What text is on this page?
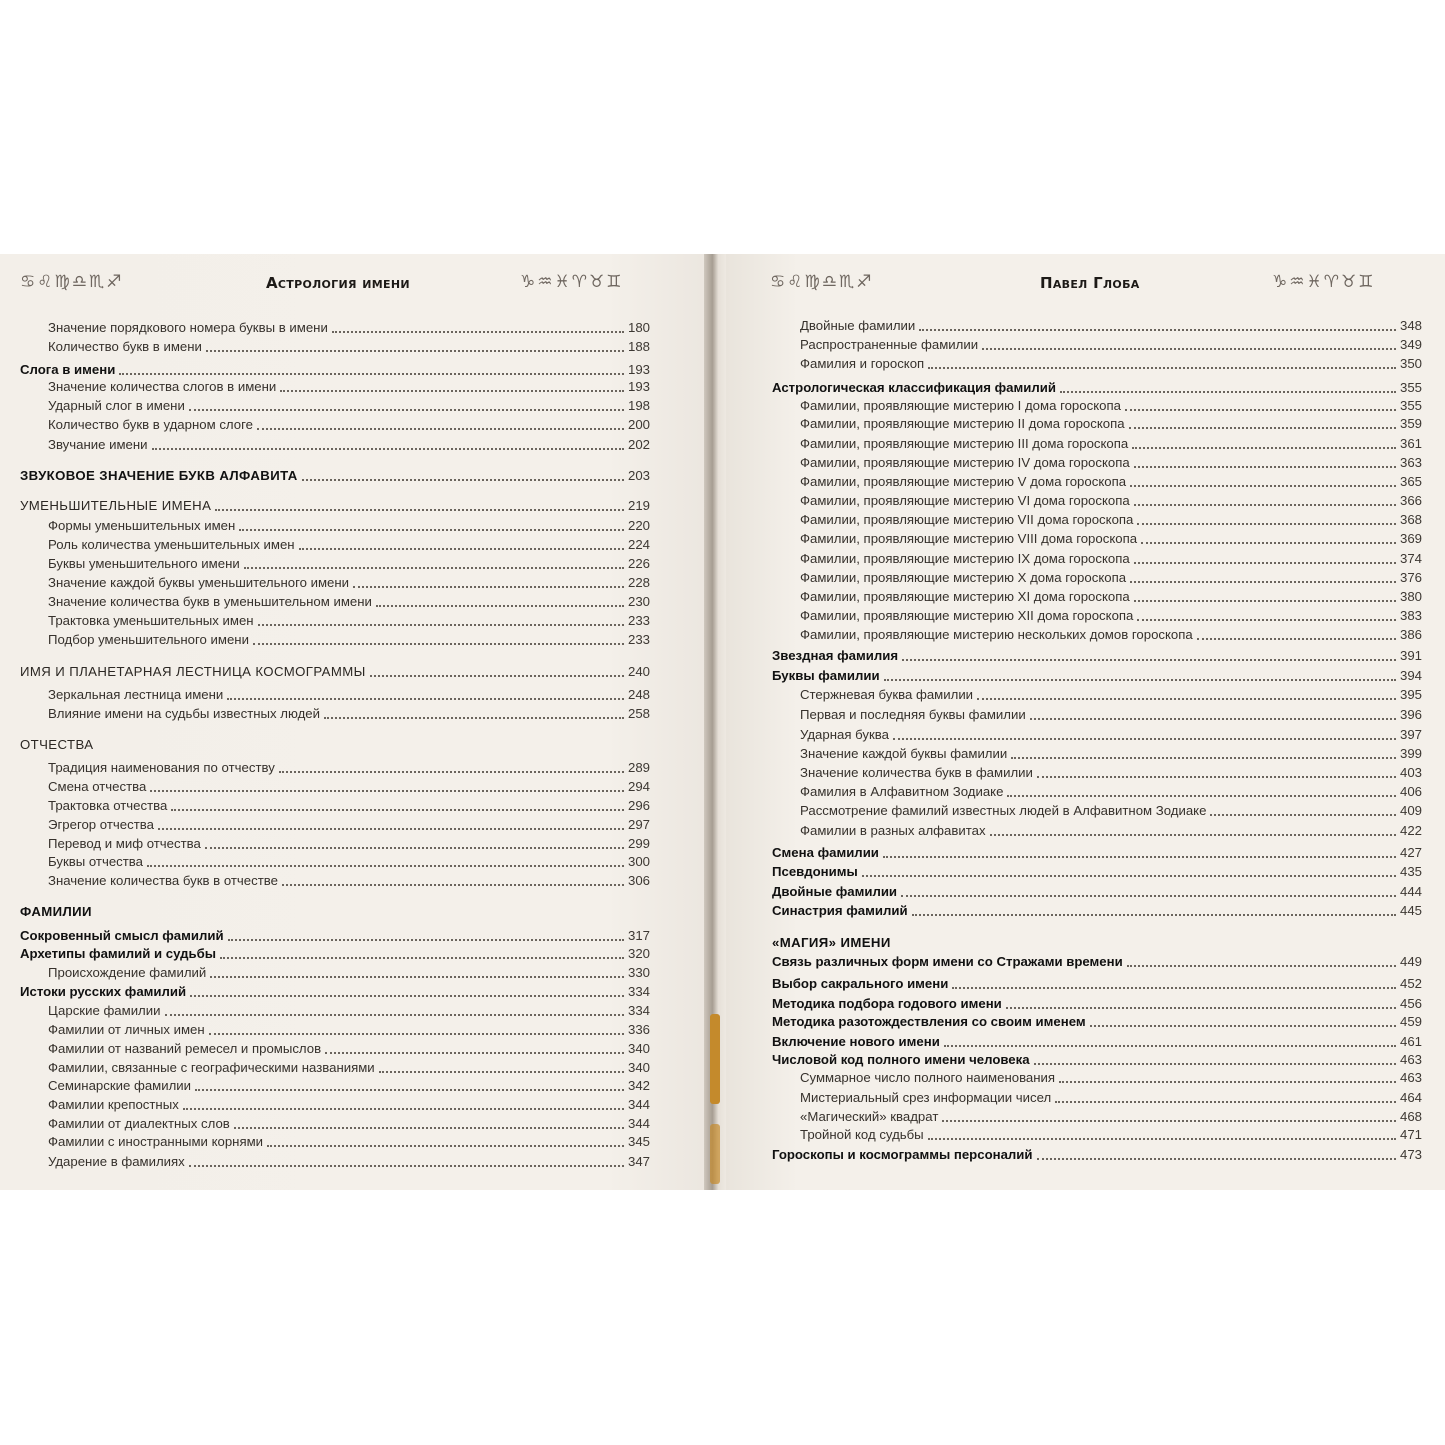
♋♌♍♎♏♐	Астрология имени	♑♒♓♈♉♊
Значение порядкового номера буквы в имени	180
Количество букв в имени	188
Слога в имени	193
Значение количества слогов в имени	193
Ударный слог в имени	198
Количество букв в ударном слоге	200
Звучание имени	202
ЗВУКОВОЕ ЗНАЧЕНИЕ БУКВ АЛФАВИТА	203
УМЕНЬШИТЕЛЬНЫЕ ИМЕНА	219
Формы уменьшительных имен	220
Роль количества уменьшительных имен	224
Буквы уменьшительного имени	226
Значение каждой буквы уменьшительного имени	228
Значение количества букв в уменьшительном имени	230
Трактовка уменьшительных имен	233
Подбор уменьшительного имени	233
ИМЯ И ПЛАНЕТАРНАЯ ЛЕСТНИЦА КОСМОГРАММЫ	240
Зеркальная лестница имени	248
Влияние имени на судьбы известных людей	258
ОТЧЕСТВА
Традиция наименования по отчеству	289
Смена отчества	294
Трактовка отчества	296
Эгрегор отчества	297
Перевод и миф отчества	299
Буквы отчества	300
Значение количества букв в отчестве	306
ФАМИЛИИ
Сокровенный смысл фамилий	317
Архетипы фамилий и судьбы	320
Происхождение фамилий	330
Истоки русских фамилий	334
Царские фамилии	334
Фамилии от личных имен	336
Фамилии от названий ремесел и промыслов	340
Фамилии, связанные с географическими названиями	340
Семинарские фамилии	342
Фамилии крепостных	344
Фамилии от диалектных слов	344
Фамилии с иностранными корнями	345
Ударение в фамилиях	347
♋♌♍♎♏♐	Павел Глоба	♑♒♓♈♉♊
Двойные фамилии	348
Распространенные фамилии	349
Фамилия и гороскоп	350
Астрологическая классификация фамилий	355
Фамилии, проявляющие мистерию I дома гороскопа	355
Фамилии, проявляющие мистерию II дома гороскопа	359
Фамилии, проявляющие мистерию III дома гороскопа	361
Фамилии, проявляющие мистерию IV дома гороскопа	363
Фамилии, проявляющие мистерию V дома гороскопа	365
Фамилии, проявляющие мистерию VI дома гороскопа	366
Фамилии, проявляющие мистерию VII дома гороскопа	368
Фамилии, проявляющие мистерию VIII дома гороскопа	369
Фамилии, проявляющие мистерию IX дома гороскопа	374
Фамилии, проявляющие мистерию X дома гороскопа	376
Фамилии, проявляющие мистерию XI дома гороскопа	380
Фамилии, проявляющие мистерию XII дома гороскопа	383
Фамилии, проявляющие мистерию нескольких домов гороскопа	386
Звездная фамилия	391
Буквы фамилии	394
Стержневая буква фамилии	395
Первая и последняя буквы фамилии	396
Ударная буква	397
Значение каждой буквы фамилии	399
Значение количества букв в фамилии	403
Фамилия в Алфавитном Зодиаке	406
Рассмотрение фамилий известных людей в Алфавитном Зодиаке	409
Фамилии в разных алфавитах	422
Смена фамилии	427
Псевдонимы	435
Двойные фамилии	444
Синастрия фамилий	445
«МАГИЯ» ИМЕНИ
Связь различных форм имени со Стражами времени	449
Выбор сакрального имени	452
Методика подбора годового имени	456
Методика разотождествления со своим именем	459
Включение нового имени	461
Числовой код полного имени человека	463
Суммарное число полного наименования	463
Мистериальный срез информации чисел	464
«Магический» квадрат	468
Тройной код судьбы	471
Гороскопы и космограммы персоналий	473
